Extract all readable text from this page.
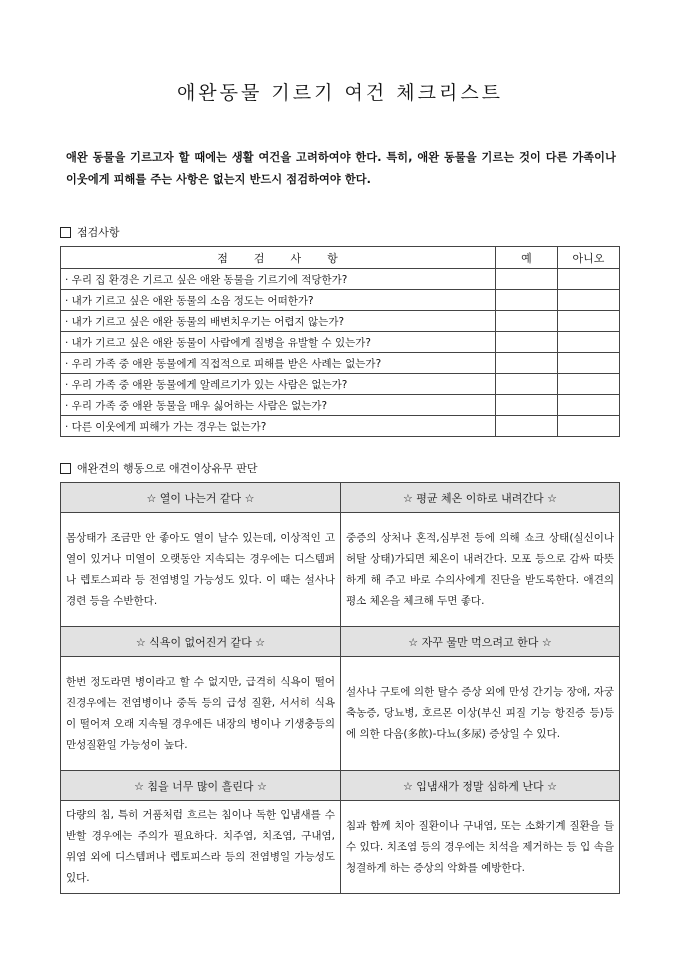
애완동물 기르기 여건 체크리스트
애완 동물을 기르고자 할 때에는 생활 여건을 고려하여야 한다. 특히, 애완 동물을 기르는 것이 다른 가족이나 이웃에게 피해를 주는 사항은 없는지 반드시 점검하여야 한다.
점검사항
점검사항	예	아니오
· 우리 집 환경은 기르고 싶은 애완 동물을 기르기에 적당한가?		
· 내가 기르고 싶은 애완 동물의 소음 정도는 어떠한가?		
· 내가 기르고 싶은 애완 동물의 배변치우기는 어렵지 않는가?		
· 내가 기르고 싶은 애완 동물이 사람에게 질병을 유발할 수 있는가?		
· 우리 가족 중 애완 동물에게 직접적으로 피해를 받은 사례는 없는가?		
· 우리 가족 중 애완 동물에게 알레르기가 있는 사람은 없는가?		
· 우리 가족 중 애완 동물을 매우 싫어하는 사람은 없는가?		
· 다른 이웃에게 피해가 가는 경우는 없는가?		
애완견의 행동으로 애견이상유무 판단
☆ 열이 나는거 같다 ☆	☆ 평균 체온 이하로 내려간다 ☆
몸상태가 조금만 안 좋아도 열이 날수 있는데, 이상적인 고열이 있거나 미열이 오랫동안 지속되는 경우에는 디스템퍼나 렙토스피라 등 전염병일 가능성도 있다. 이 때는 설사나 경련 등을 수반한다.	중증의 상처나 혼적,심부전 등에 의해 쇼크 상태(실신이나 허탈 상태)가되면 체온이 내려간다. 모포 등으로 감싸 따뜻하게 해 주고 바로 수의사에게 진단을 받도록한다. 애견의 평소 체온을 체크해 두면 좋다.
☆ 식욕이 없어진거 같다 ☆	☆ 자꾸 물만 먹으려고 한다 ☆
한번 정도라면 병이라고 할 수 없지만, 급격히 식욕이 떨어진경우에는 전염병이나 중독 등의 급성 질환, 서서히 식욕이 떨어져 오래 지속될 경우에든 내장의 병이나 기생충등의 만성질환일 가능성이 높다.	설사나 구토에 의한 탈수 증상 외에 만성 간기능 장애, 자궁 축농증, 당뇨병, 호르몬 이상(부신 피질 기능 항진증 등)등에 의한 다음(多飮)-다뇨(多尿) 증상일 수 있다.
☆ 침을 너무 많이 흘린다 ☆	☆ 입냄새가 정말 심하게 난다 ☆
다량의 침, 특히 거품처럼 흐르는 침이나 독한 입냄새를 수반할 경우에는 주의가 필요하다. 치주염, 치조염, 구내염, 위염 외에 디스템퍼나 렙토피스라 등의 전염병일 가능성도 있다.	침과 함께 치아 질환이나 구내염, 또는 소화기계 질환을 들 수 있다. 치조염 등의 경우에는 치석을 제거하는 등 입 속을 청결하게 하는 증상의 악화를 예방한다.
